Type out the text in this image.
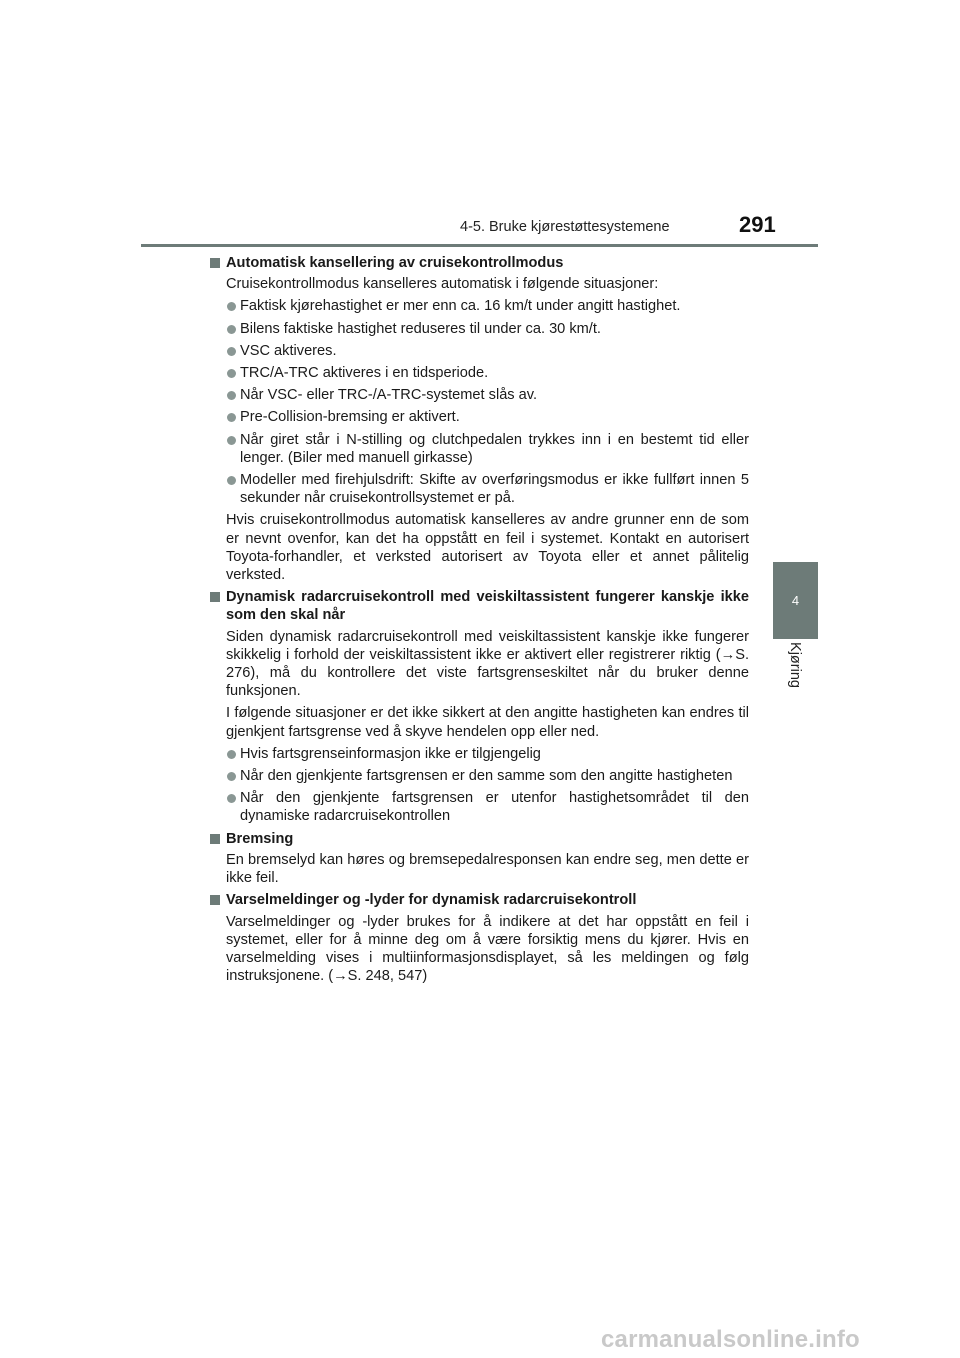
4-5. Bruke kjørestøttesystemene	291
4
Kjøring
Automatisk kansellering av cruisekontrollmodus
Cruisekontrollmodus kanselleres automatisk i følgende situasjoner:
Faktisk kjørehastighet er mer enn ca. 16 km/t under angitt hastighet.
Bilens faktiske hastighet reduseres til under ca. 30 km/t.
VSC aktiveres.
TRC/A-TRC aktiveres i en tidsperiode.
Når VSC- eller TRC-/A-TRC-systemet slås av.
Pre-Collision-bremsing er aktivert.
Når giret står i N-stilling og clutchpedalen trykkes inn i en bestemt tid eller lenger. (Biler med manuell girkasse)
Modeller med firehjulsdrift: Skifte av overføringsmodus er ikke fullført innen 5 sekunder når cruisekontrollsystemet er på.
Hvis cruisekontrollmodus automatisk kanselleres av andre grunner enn de som er nevnt ovenfor, kan det ha oppstått en feil i systemet. Kontakt en autorisert Toyota-forhandler, et verksted autorisert av Toyota eller et annet pålitelig verksted.
Dynamisk radarcruisekontroll med veiskiltassistent fungerer kanskje ikke som den skal når
Siden dynamisk radarcruisekontroll med veiskiltassistent kanskje ikke fungerer skikkelig i forhold der veiskiltassistent ikke er aktivert eller registrerer riktig (→S. 276), må du kontrollere det viste fartsgrenseskiltet når du bruker denne funksjonen.
I følgende situasjoner er det ikke sikkert at den angitte hastigheten kan endres til gjenkjent fartsgrense ved å skyve hendelen opp eller ned.
Hvis fartsgrenseinformasjon ikke er tilgjengelig
Når den gjenkjente fartsgrensen er den samme som den angitte hastigheten
Når den gjenkjente fartsgrensen er utenfor hastighetsområdet til den dynamiske radarcruisekontrollen
Bremsing
En bremselyd kan høres og bremsepedalresponsen kan endre seg, men dette er ikke feil.
Varselmeldinger og -lyder for dynamisk radarcruisekontroll
Varselmeldinger og -lyder brukes for å indikere at det har oppstått en feil i systemet, eller for å minne deg om å være forsiktig mens du kjører. Hvis en varselmelding vises i multiinformasjonsdisplayet, så les meldingen og følg instruksjonene. (→S. 248, 547)
carmanualsonline.info
